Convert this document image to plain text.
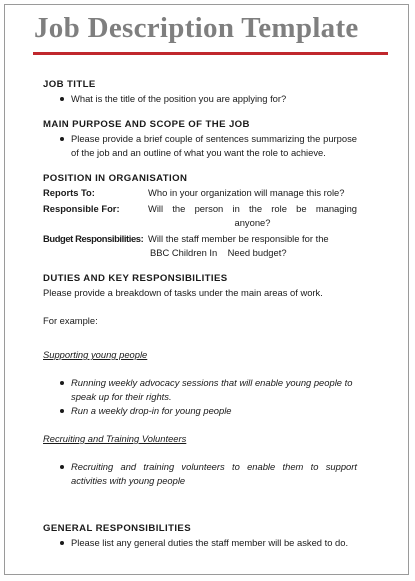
Job Description Template

JOB TITLE

What is the title of the position you are applying for?

MAIN PURPOSE AND SCOPE OF THE JOB

Please provide a brief couple of sentences summarizing the purpose of the job and an outline of what you want the role to achieve.

POSITION IN ORGANISATION

Reports To:	Who in your organization will manage this role?
Responsible For:	Will the person in the role be managing

anyone?

Budget Responsibilities: Will the staff member be responsible for the

BBC Children In    Need budget?

DUTIES AND KEY RESPONSIBILITIES

Please provide a breakdown of tasks under the main areas of work.

For example:

Supporting young people

Running weekly advocacy sessions that will enable young people to speak up for their rights.

Run a weekly drop-in for young people

Recruiting and Training Volunteers

Recruiting and training volunteers to enable them to support activities with young people

GENERAL RESPONSIBILITIES

Please list any general duties the staff member will be asked to do.
